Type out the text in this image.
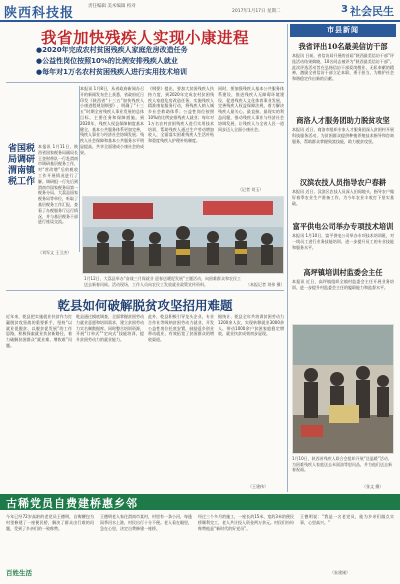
陕西科技报	责任编辑 美术编辑 校对
2017年1月17日 星期二	3 社会民生
我省加快残疾人实现小康进程
●2020年完成农村贫困残疾人家庭危房改造任务
●公益性岗位按照10%的比例安排残疾人就业
●每年对1万名农村贫困残疾人进行实用技术培训
本报讯 1月8日，从省政府新闻办召开的新闻发布会上获悉，省政府近日印发《陕西省“十三五”加快残疾人小康进程规划纲要》，明确了“十三五”时期全省残疾人事业发展的总体目标、主要任务和保障措施。到2020年，残疾人权益保障制度基本健全，基本公共服务体系更加完善，残疾人事业与经济社会协调发展；残疾人社会保障和基本公共服务水平明显提高，共享全面建成小康社会的成果。
《纲要》提出，要加大贫困残疾人扶持力度，到2020年完成农村贫困残疾人家庭危房改造任务，实施残疾人精准康复服务行动，将残疾人纳入城乡社会救助体系；公益性岗位按照10%的比例安排残疾人就业；每年对1万名农村贫困残疾人进行实用技术培训，帮助残疾人通过生产劳动增加收入，全面落实困难残疾人生活补贴和重度残疾人护理补贴制度。
同时，要加强残疾人基本公共服务体系建设，推进残疾人无障碍环境建设，促进残疾人文化体育事业发展，完善残疾人权益保障法规，着力解决残疾人最关心、最直接、最现实的利益问题，推动残疾人事业与经济社会协调发展，让残疾人与全省人民一道同步迈入全面小康社会。
（记者 刘玉）
省国税局调研渭南镇税工作
本报讯 1月11日，陕西省国家税务局副局长王登财带队一行赴渭南市调研基层税务工作，对“营改增”后的税收工作开展情况进行了解。调研组一行先后到渭南市国家税务局第一税务分局、大荔县国家税务局等单位，听取了基层税务工作汇报，查看了办税服务厅运行情况，并与基层税务干部进行座谈交流。
（刘军文 王卫杰）
1月12日，大荔县举办“奋战三月保就业 迎春送暖促发展”主题活动，向困难群众和农民工送去新春问候。活动现场，工作人员向农民工发放就业政策宣传资料。	（本报记者 刘伟 摄）
乾县如何破解脱贫攻坚招用难题
近年来，乾县把实施就业扶贫作为打赢脱贫攻坚战的重要抓手，坚持“以就业促脱贫、以脱贫促发展”的工作思路，积极探索就业扶贫新路径，着力破解贫困群众“就业难、增收难”问题。
乾县通过摸底调查，全面掌握贫困劳动力就业意愿和培训需求，建立贫困劳动力实名制数据库。同时整合培训资源，开展“订单式”“定向式”技能培训，提升贫困劳动力的就业能力。
此外，乾县积极引导龙头企业、专业合作社等吸纳贫困劳动力就业，开发公益性岗位托底安置，鼓励返乡创业带动就业，有效拓宽了贫困群众的增收渠道。
据统计，乾县全年共培训贫困劳动力1200余人次，实现转移就业3000余人，带动1000余户贫困家庭稳定增收，就业扶贫成效初步显现。
（王建伟）
市县新闻
我省评出10名最美信访干部
本报讯 日前，省信访局开展的首届“陕西最美信访干部”评选活动结果揭晓，10名同志被评为“陕西最美信访干部”。此次评选活动旨在弘扬信访干部爱岗敬业、无私奉献的精神，激励全省信访干部立足本职、勇于担当，为维护社会和谐稳定作出新的贡献。
商洛人才服务团助力脱贫攻坚
本报讯 近日，商洛市组织专家人才服务团深入贫困村开展科技服务活动，为贫困群众提供种植养殖技术指导和咨询服务，帮助群众掌握致富技能，助力脱贫攻坚。
汉滨农技人员指导农户春耕
本报讯 近日，汉滨区农技人员深入田间地头，指导农户做好春季农业生产准备工作，为今年农业丰收打下坚实基础。
富平供电公司举办专项技术培训
本报讯 1月10日，富平供电公司举办专项技术培训班，对一线员工进行业务技能培训，进一步提升员工的专业技能和服务水平。
高坪镇培训村监委会主任
本报讯 近日，高坪镇组织全镇村监委会主任开展业务培训，进一步提升村监委会主任的履职能力和监督水平。
1月10日，陕西省残疾人联合会组织开展“送温暖”活动，为困难残疾人家庭送去米面油等慰问品，并为他们送去新春祝福。
（张文 摄）
古稀党员自费建桥惠乡邻
今年已经72岁高龄的老党员王德明，自掏腰包为村里修建了一座便民桥，解决了群众出行难的问题，受到了乡亲们的一致称赞。
王德明老人家住渭南市某村，村里有一条小河，每逢雨季河水上涨，村民出行十分不便。老人看在眼里，急在心里，决定自费修建一座桥。
经过三个多月的施工，一座长约15米、宽约3米的便民桥顺利完工，老人共计投入资金两万余元。村民们纷纷称赞他是“新时代的好党员”。
王德明说：“我是一名老党员，能为乡亲们做点实事，心里高兴。”
（朱建刚）
百姓生活
